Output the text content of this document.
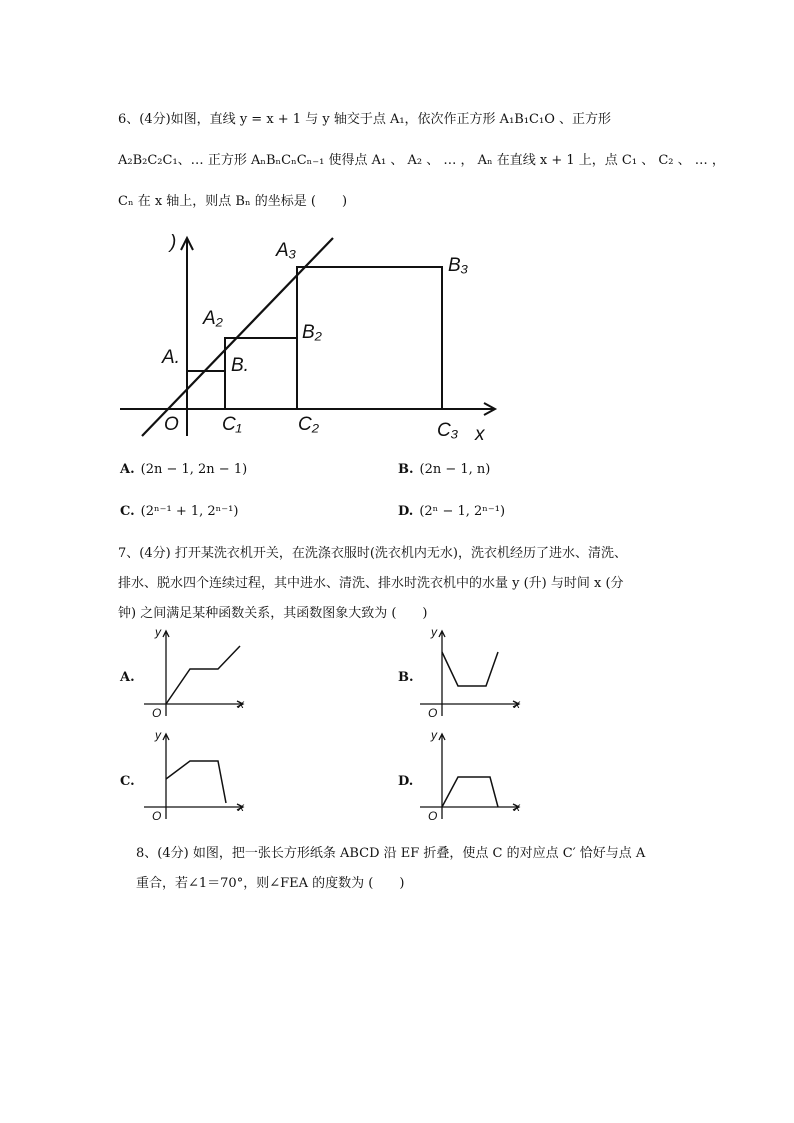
6、(4分)如图，直线 y = x + 1 与 y 轴交于点 A₁，依次作正方形 A₁B₁C₁O 、正方形
A₂B₂C₂C₁、… 正方形 AₙBₙCₙCₙ₋₁ 使得点 A₁ 、 A₂ 、 … ， Aₙ 在直线 x + 1 上，点 C₁ 、 C₂ 、 … ，
Cₙ 在 x 轴上，则点 Bₙ 的坐标是 (　　)
)
x
O
A.	B.
C₁
A₂
B₂
C₂
A₃
B₃
C₃
A. (2n − 1, 2n − 1)	B. (2n − 1, n)
C. (2ⁿ⁻¹ + 1, 2ⁿ⁻¹)	D. (2ⁿ − 1, 2ⁿ⁻¹)
7、(4分) 打开某洗衣机开关，在洗涤衣服时(洗衣机内无水)，洗衣机经历了进水、清洗、
排水、脱水四个连续过程，其中进水、清洗、排水时洗衣机中的水量 y (升) 与时间 x (分
钟) 之间满足某种函数关系，其函数图象大致为 (　　)
A.
y
x
O
B.
y
x
O
C.
y
x
O
D.
y
x
O
8、(4分) 如图，把一张长方形纸条 ABCD 沿 EF 折叠，使点 C 的对应点 C′ 恰好与点 A
重合，若∠1＝70°，则∠FEA 的度数为 (　　)
